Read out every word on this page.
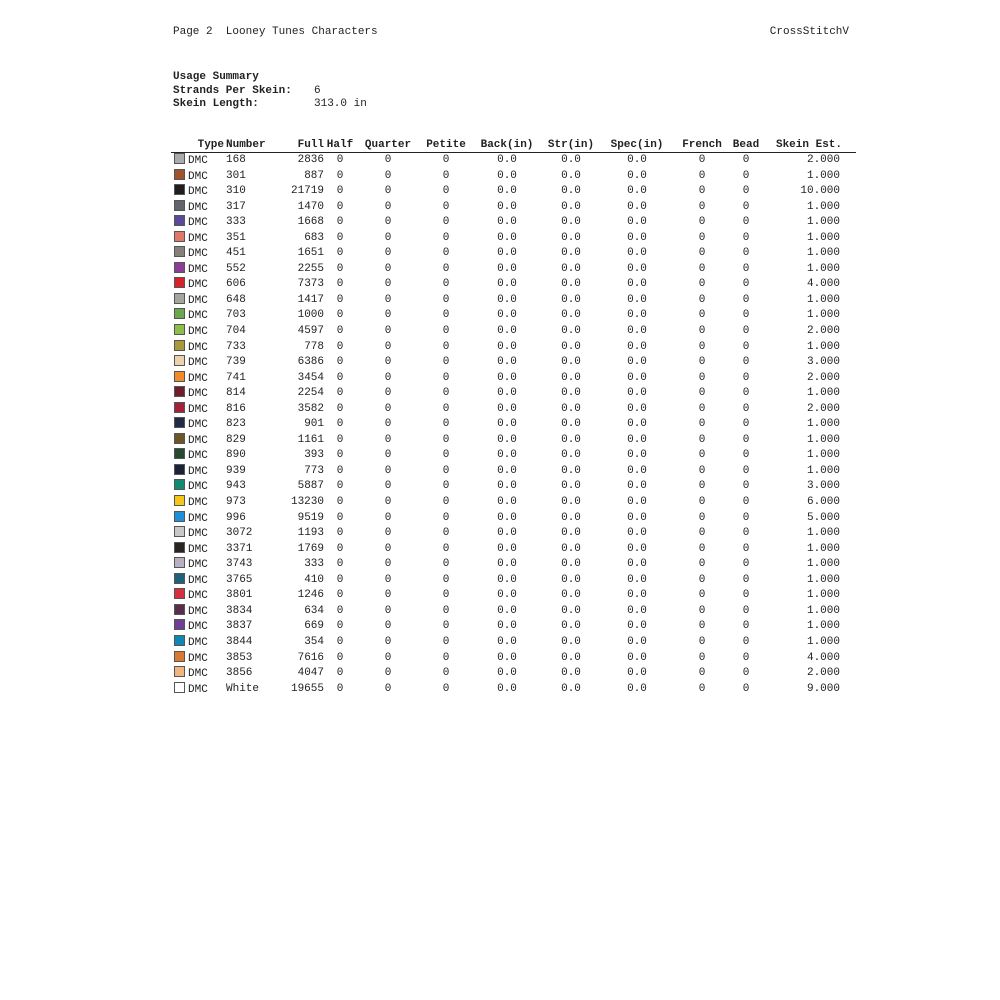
Page 2  Looney Tunes Characters	CrossStitchV
Usage Summary
Strands Per Skein: 6
Skein Length:	313.0 in
Type	Number	Full	Half	Quarter	Petite	Back(in)	Str(in)	Spec(in)	French	Bead	Skein Est.
DMC	168	2836	0	0	0	0.0	0.0	0.0	0	0	2.000
DMC	301	887	0	0	0	0.0	0.0	0.0	0	0	1.000
DMC	310	21719	0	0	0	0.0	0.0	0.0	0	0	10.000
DMC	317	1470	0	0	0	0.0	0.0	0.0	0	0	1.000
DMC	333	1668	0	0	0	0.0	0.0	0.0	0	0	1.000
DMC	351	683	0	0	0	0.0	0.0	0.0	0	0	1.000
DMC	451	1651	0	0	0	0.0	0.0	0.0	0	0	1.000
DMC	552	2255	0	0	0	0.0	0.0	0.0	0	0	1.000
DMC	606	7373	0	0	0	0.0	0.0	0.0	0	0	4.000
DMC	648	1417	0	0	0	0.0	0.0	0.0	0	0	1.000
DMC	703	1000	0	0	0	0.0	0.0	0.0	0	0	1.000
DMC	704	4597	0	0	0	0.0	0.0	0.0	0	0	2.000
DMC	733	778	0	0	0	0.0	0.0	0.0	0	0	1.000
DMC	739	6386	0	0	0	0.0	0.0	0.0	0	0	3.000
DMC	741	3454	0	0	0	0.0	0.0	0.0	0	0	2.000
DMC	814	2254	0	0	0	0.0	0.0	0.0	0	0	1.000
DMC	816	3582	0	0	0	0.0	0.0	0.0	0	0	2.000
DMC	823	901	0	0	0	0.0	0.0	0.0	0	0	1.000
DMC	829	1161	0	0	0	0.0	0.0	0.0	0	0	1.000
DMC	890	393	0	0	0	0.0	0.0	0.0	0	0	1.000
DMC	939	773	0	0	0	0.0	0.0	0.0	0	0	1.000
DMC	943	5887	0	0	0	0.0	0.0	0.0	0	0	3.000
DMC	973	13230	0	0	0	0.0	0.0	0.0	0	0	6.000
DMC	996	9519	0	0	0	0.0	0.0	0.0	0	0	5.000
DMC	3072	1193	0	0	0	0.0	0.0	0.0	0	0	1.000
DMC	3371	1769	0	0	0	0.0	0.0	0.0	0	0	1.000
DMC	3743	333	0	0	0	0.0	0.0	0.0	0	0	1.000
DMC	3765	410	0	0	0	0.0	0.0	0.0	0	0	1.000
DMC	3801	1246	0	0	0	0.0	0.0	0.0	0	0	1.000
DMC	3834	634	0	0	0	0.0	0.0	0.0	0	0	1.000
DMC	3837	669	0	0	0	0.0	0.0	0.0	0	0	1.000
DMC	3844	354	0	0	0	0.0	0.0	0.0	0	0	1.000
DMC	3853	7616	0	0	0	0.0	0.0	0.0	0	0	4.000
DMC	3856	4047	0	0	0	0.0	0.0	0.0	0	0	2.000
DMC	White	19655	0	0	0	0.0	0.0	0.0	0	0	9.000
